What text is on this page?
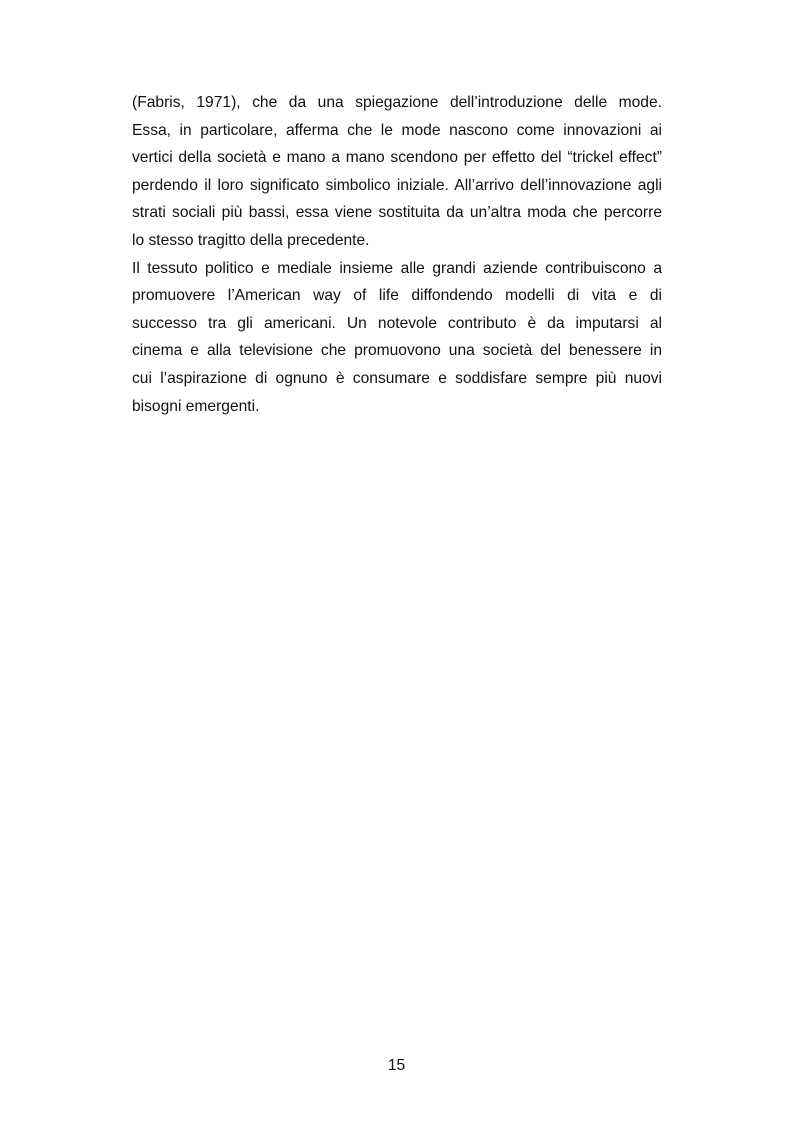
(Fabris, 1971), che da una spiegazione dell’introduzione delle mode.
Essa, in particolare, afferma che le mode nascono come innovazioni ai
vertici della società e mano a mano scendono per effetto del “trickel effect”
perdendo il loro significato simbolico iniziale. All’arrivo dell’innovazione agli
strati sociali più bassi, essa viene sostituita da un’altra moda che percorre
lo stesso tragitto della precedente.
Il tessuto politico e mediale insieme alle grandi aziende contribuiscono a
promuovere l’American way of life diffondendo modelli di vita e di
successo tra gli americani. Un notevole contributo è da imputarsi al
cinema e alla televisione che promuovono una società del benessere in
cui l’aspirazione di ognuno è consumare e soddisfare sempre più nuovi
bisogni emergenti.
15
